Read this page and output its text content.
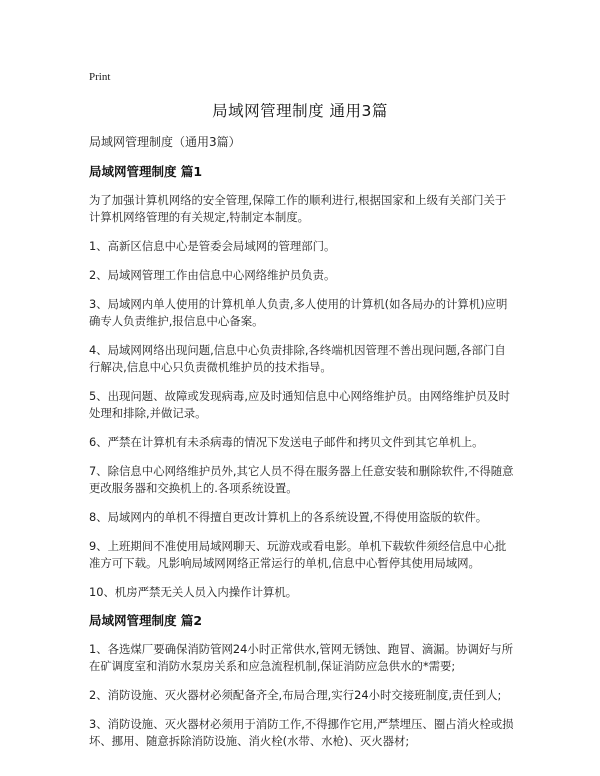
Print
局域网管理制度 通用3篇

局域网管理制度（通用3篇）

局域网管理制度 篇1

为了加强计算机网络的安全管理,保障工作的顺利进行,根据国家和上级有关部门关于计算机网络管理的有关规定,特制定本制度。

1、高新区信息中心是管委会局域网的管理部门。

2、局域网管理工作由信息中心网络维护员负责。

3、局域网内单人使用的计算机单人负责,多人使用的计算机(如各局办的计算机)应明确专人负责维护,报信息中心备案。

4、局域网网络出现问题,信息中心负责排除,各终端机因管理不善出现问题,各部门自行解决,信息中心只负责微机维护员的技术指导。

5、出现问题、故障或发现病毒,应及时通知信息中心网络维护员。由网络维护员及时处理和排除,并做记录。

6、严禁在计算机有未杀病毒的情况下发送电子邮件和拷贝文件到其它单机上。

7、除信息中心网络维护员外,其它人员不得在服务器上任意安装和删除软件,不得随意更改服务器和交换机上的.各项系统设置。

8、局域网内的单机不得擅自更改计算机上的各系统设置,不得使用盗版的软件。

9、上班期间不准使用局域网聊天、玩游戏或看电影。单机下载软件须经信息中心批准方可下载。凡影响局域网网络正常运行的单机,信息中心暂停其使用局域网。

10、机房严禁无关人员入内操作计算机。

局域网管理制度 篇2

1、各选煤厂要确保消防管网24小时正常供水,管网无锈蚀、跑冒、滴漏。协调好与所在矿调度室和消防水泵房关系和应急流程机制,保证消防应急供水的*需要;

2、消防设施、灭火器材必须配备齐全,布局合理,实行24小时交接班制度,责任到人;

3、消防设施、灭火器材必须用于消防工作,不得挪作它用,严禁埋压、圈占消火栓或损坏、挪用、随意拆除消防设施、消火栓(水带、水枪)、灭火器材;
